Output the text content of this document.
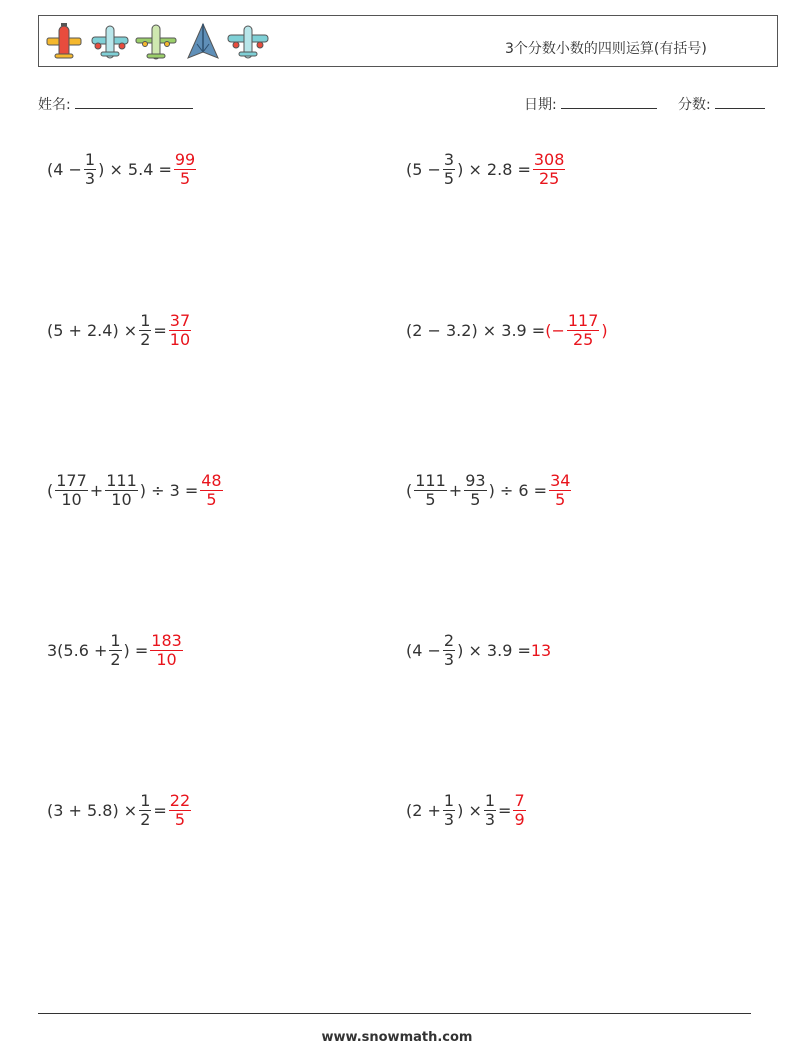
3个分数小数的四则运算(有括号)
姓名:	日期:	分数:
($4 - \frac{1}{3}$ ) × $5.4 = \frac{99}{5}$	($5 - \frac{3}{5}$ ) × $2.8 = \frac{308}{25}$
$(5 + 2.4) \times \frac{1}{2} = \frac{37}{10}$	(2 − 3.2) × 3.9 = (− $\frac{117}{25}$ )
( $\frac{177}{10} + \frac{111}{10}$ ) ÷ $3 = \frac{48}{5}$	( $\frac{111}{5} + \frac{93}{5}$ ) ÷ $6 = \frac{34}{5}$
$3(5.6 + \frac{1}{2}$ ) = $\frac{183}{10}$	($4 - \frac{2}{3}$ ) × 3.9 = 13
$(3 + 5.8) \times \frac{1}{2} = \frac{22}{5}$	($2 + \frac{1}{3}$ ) × $\frac{1}{3} = \frac{7}{9}$
www.snowmath.com
